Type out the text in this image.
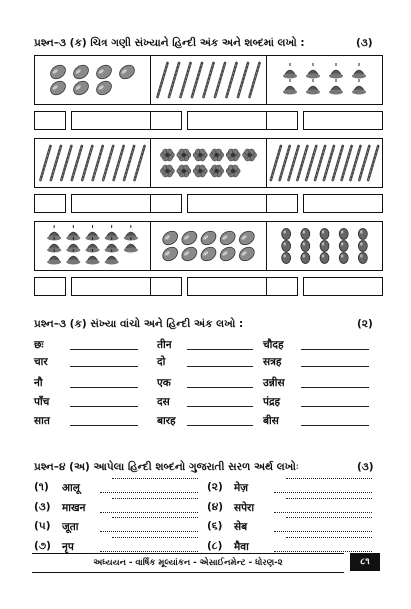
પ્રશ્ન–૩ (ક) ચિત્ર ગણી સંખ્યાને હિન્દી અંક અને શબ્દમાં લખો :	(૩)
પ્રશ્ન–૩ (ક) સંખ્યા વાંચો અને હિન્દી અંક લખો :	(૨)
छः	तीन	चौदह
चार	दो	सत्रह
नौ	एक	उन्नीस
पाँच	दस	पंद्रह
सात	बारह	बीस
પ્રશ્ન–૪ (અ) આપેલા હિન્દી શબ્દનો ગુજરાતી સરળ અર્થ લખોઃ	(૩)
(૧) आलू	(૨) मेज़
(૩) माखन	(૪) सपेरा
(૫) जूता	(૬) सेब
(૭) नृप	(૮) मैवा
અધ્યયન - વાર્ષિક મૂલ્યાંકન - એસાઈનમેન્ટ - ધોરણ-૨	૮૧
